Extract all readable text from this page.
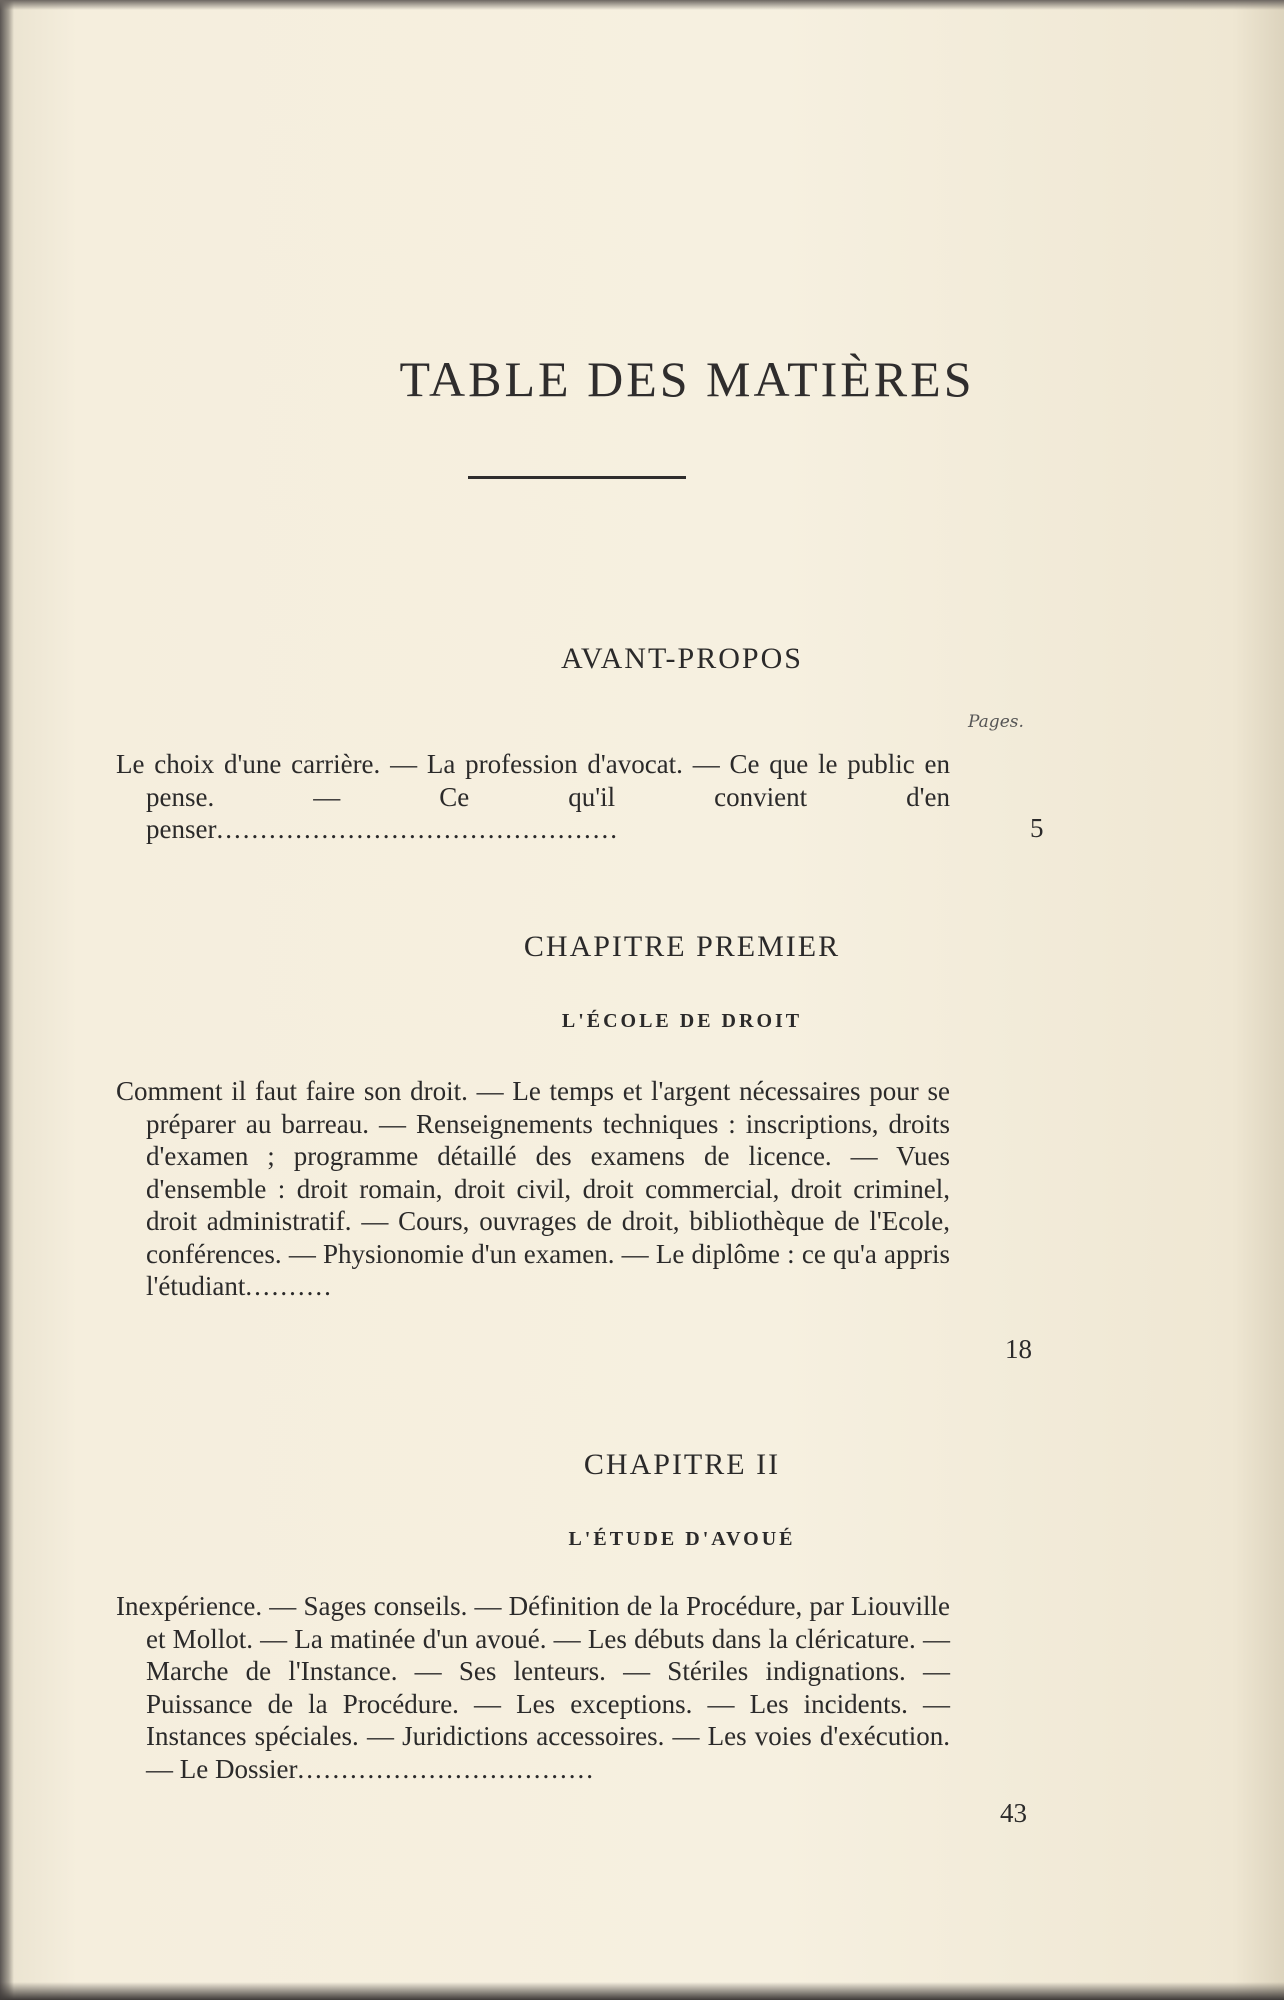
TABLE DES MATIÈRES
AVANT-PROPOS
Pages.

Le choix d'une carrière. — La profession d'avocat. — Ce que le public en pense. — Ce qu'il convient d'en penser..............................................	5
CHAPITRE PREMIER
L'ÉCOLE DE DROIT

Comment il faut faire son droit. — Le temps et l'argent nécessaires pour se préparer au barreau. — Renseignements techniques : inscriptions, droits d'examen ; programme détaillé des examens de licence. — Vues d'ensemble : droit romain, droit civil, droit commercial, droit criminel, droit administratif. — Cours, ouvrages de droit, bibliothèque de l'Ecole, conférences. — Physionomie d'un examen. — Le diplôme : ce qu'a appris l'étudiant..........

18
CHAPITRE II
L'ÉTUDE D'AVOUÉ

Inexpérience. — Sages conseils. — Définition de la Procédure, par Liouville et Mollot. — La matinée d'un avoué. — Les débuts dans la cléricature. — Marche de l'Instance. — Ses lenteurs. — Stériles indignations. — Puissance de la Procédure. — Les exceptions. — Les incidents. — Instances spéciales. — Juridictions accessoires. — Les voies d'exécution. — Le Dossier..................................

43
